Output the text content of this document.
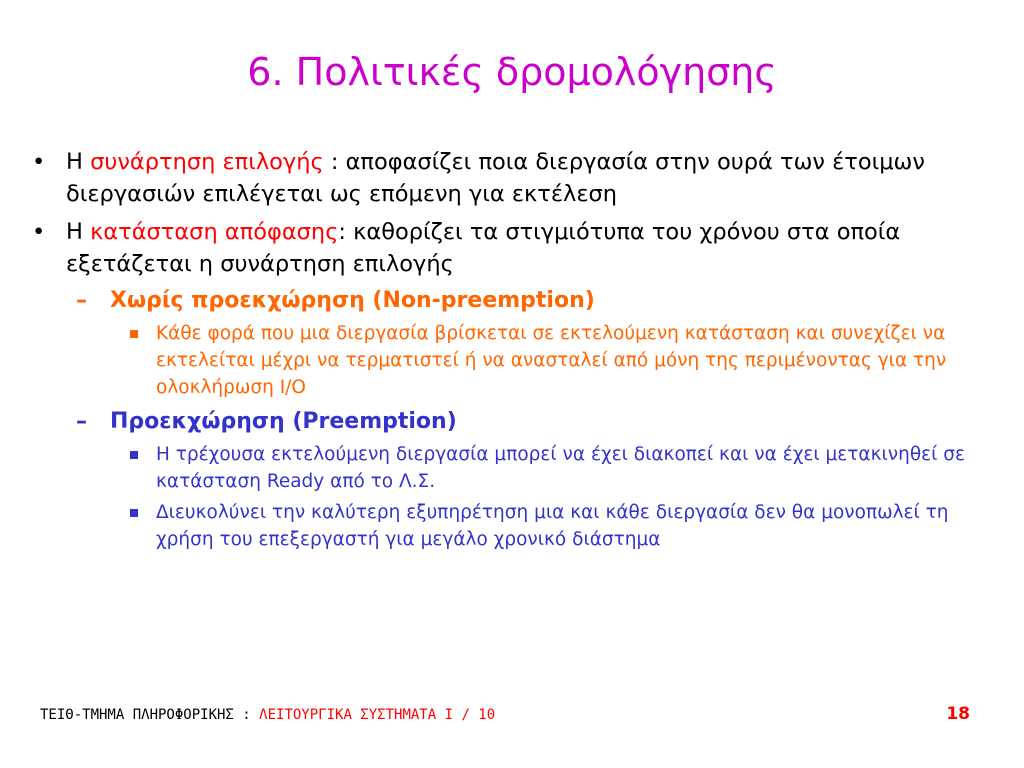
6. Πολιτικές δρομολόγησης
• Η συνάρτηση επιλογής : αποφασίζει ποια διεργασία στην ουρά των έτοιμων διεργασιών επιλέγεται ως επόμενη για εκτέλεση
• Η κατάσταση απόφασης: καθορίζει τα στιγμιότυπα του χρόνου στα οποία εξετάζεται η συνάρτηση επιλογής
– Χωρίς προεκχώρηση (Non-preemption)
Κάθε φορά που μια διεργασία βρίσκεται σε εκτελούμενη κατάσταση και συνεχίζει να εκτελείται μέχρι να τερματιστεί ή να ανασταλεί από μόνη της περιμένοντας για την ολοκλήρωση I/O
– Προεκχώρηση (Preemption)
Η τρέχουσα εκτελούμενη διεργασία μπορεί να έχει διακοπεί και να έχει μετακινηθεί σε κατάσταση Ready από το Λ.Σ.
Διευκολύνει την καλύτερη εξυπηρέτηση μια και κάθε διεργασία δεν θα μονοπωλεί τη χρήση του επεξεργαστή για μεγάλο χρονικό διάστημα
ΤΕΙΘ-ΤΜΗΜΑ ΠΛΗΡΟΦΟΡΙΚΗΣ : ΛΕΙΤΟΥΡΓΙΚΑ ΣΥΣΤΗΜΑΤΑ Ι / 10	18
